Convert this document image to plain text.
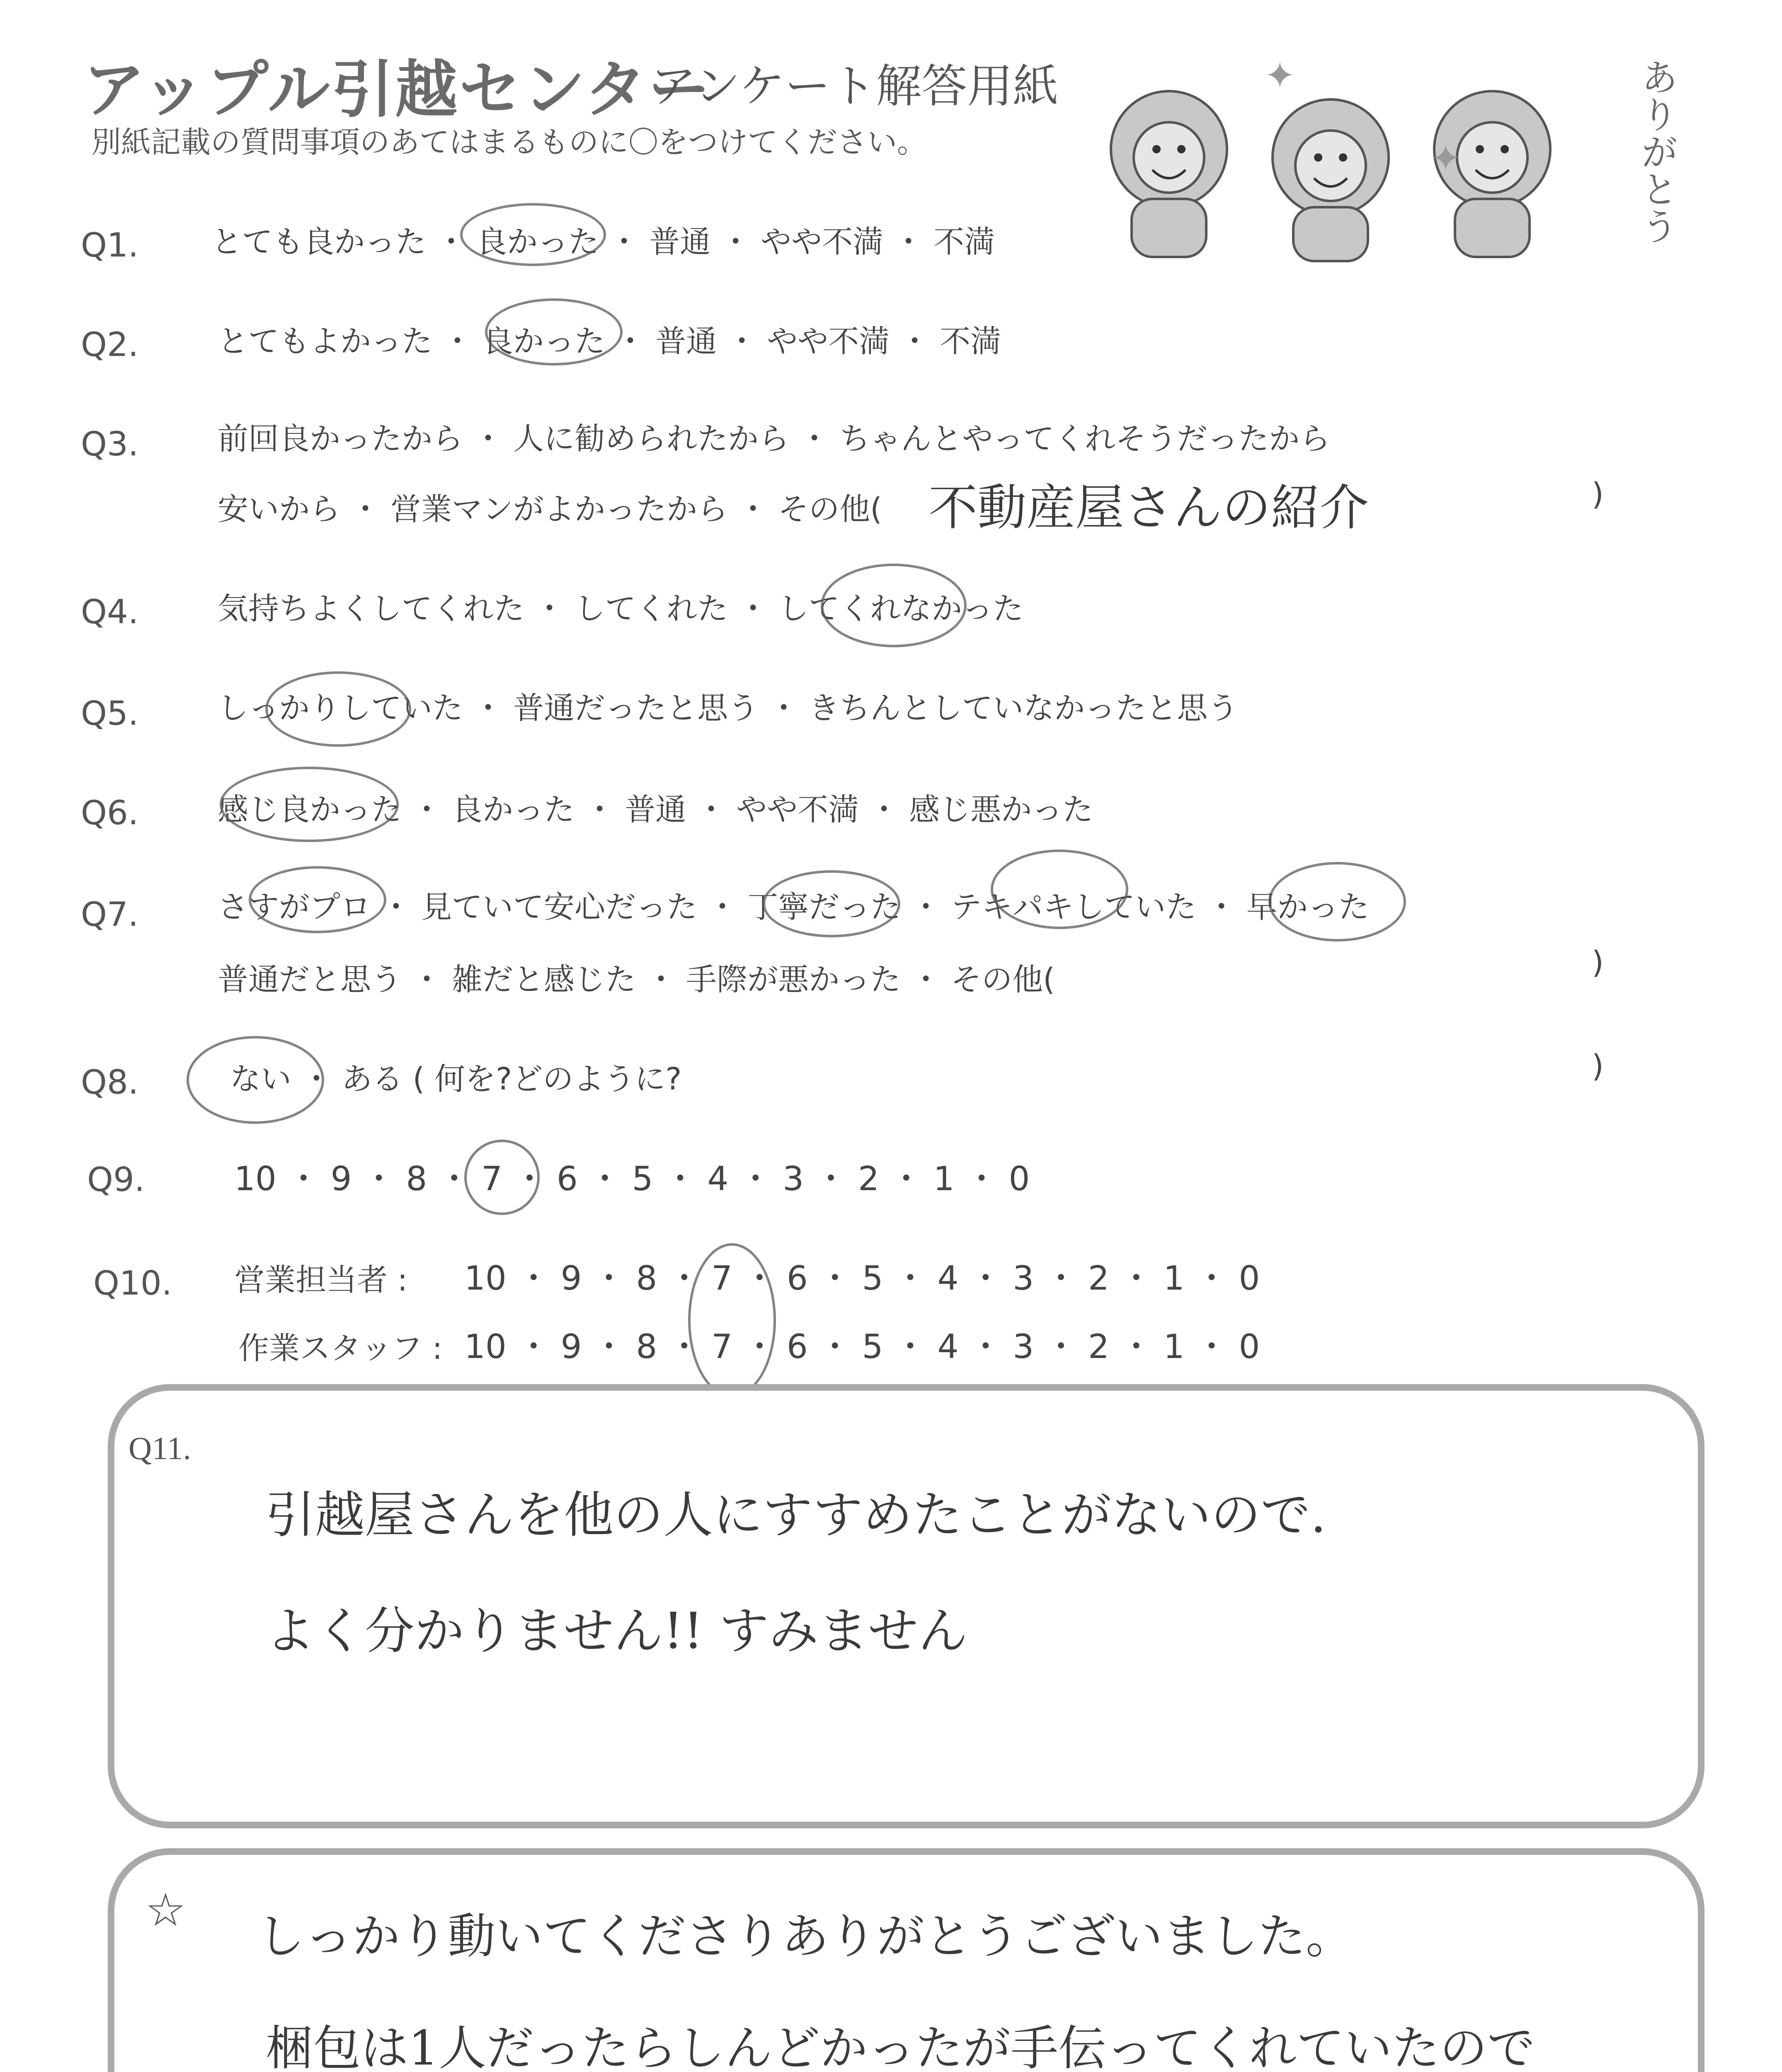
アップル引越センター
アンケート解答用紙
別紙記載の質問事項のあてはまるものに〇をつけてください。
✦
✦	ありがとう
Q1. とても良かった ・ 良かった ・ 普通 ・ やや不満 ・ 不満
Q2.	とてもよかった ・ 良かった ・ 普通 ・ やや不満 ・ 不満
Q3.	前回良かったから ・ 人に勧められたから ・ ちゃんとやってくれそうだったから
安いから ・ 営業マンがよかったから ・ その他( 不動産屋さんの紹介	)
Q4.	気持ちよくしてくれた ・ してくれた ・ してくれなかった
Q5.	しっかりしていた ・ 普通だったと思う ・ きちんとしていなかったと思う
Q6.	感じ良かった ・ 良かった ・ 普通 ・ やや不満 ・ 感じ悪かった
Q7.	さすがプロ ・ 見ていて安心だった ・ 丁寧だった ・ テキパキしていた ・ 早かった
普通だと思う ・ 雑だと感じた ・ 手際が悪かった ・ その他(	)
Q8.	ない ・ ある ( 何を?どのように?	)
Q9.	10 ・ 9 ・ 8 ・ 7 ・ 6 ・ 5 ・ 4 ・ 3 ・ 2 ・ 1 ・ 0
Q10. 営業担当者 : 10 ・ 9 ・ 8 ・ 7 ・ 6 ・ 5 ・ 4 ・ 3 ・ 2 ・ 1 ・ 0
作業スタッフ : 10 ・ 9 ・ 8 ・ 7 ・ 6 ・ 5 ・ 4 ・ 3 ・ 2 ・ 1 ・ 0
Q11.
引越屋さんを他の人にすすめたことがないので.
よく分かりません!! すみません
☆ しっかり動いてくださりありがとうございました。
梱包は1人だったらしんどかったが手伝ってくれていたので
